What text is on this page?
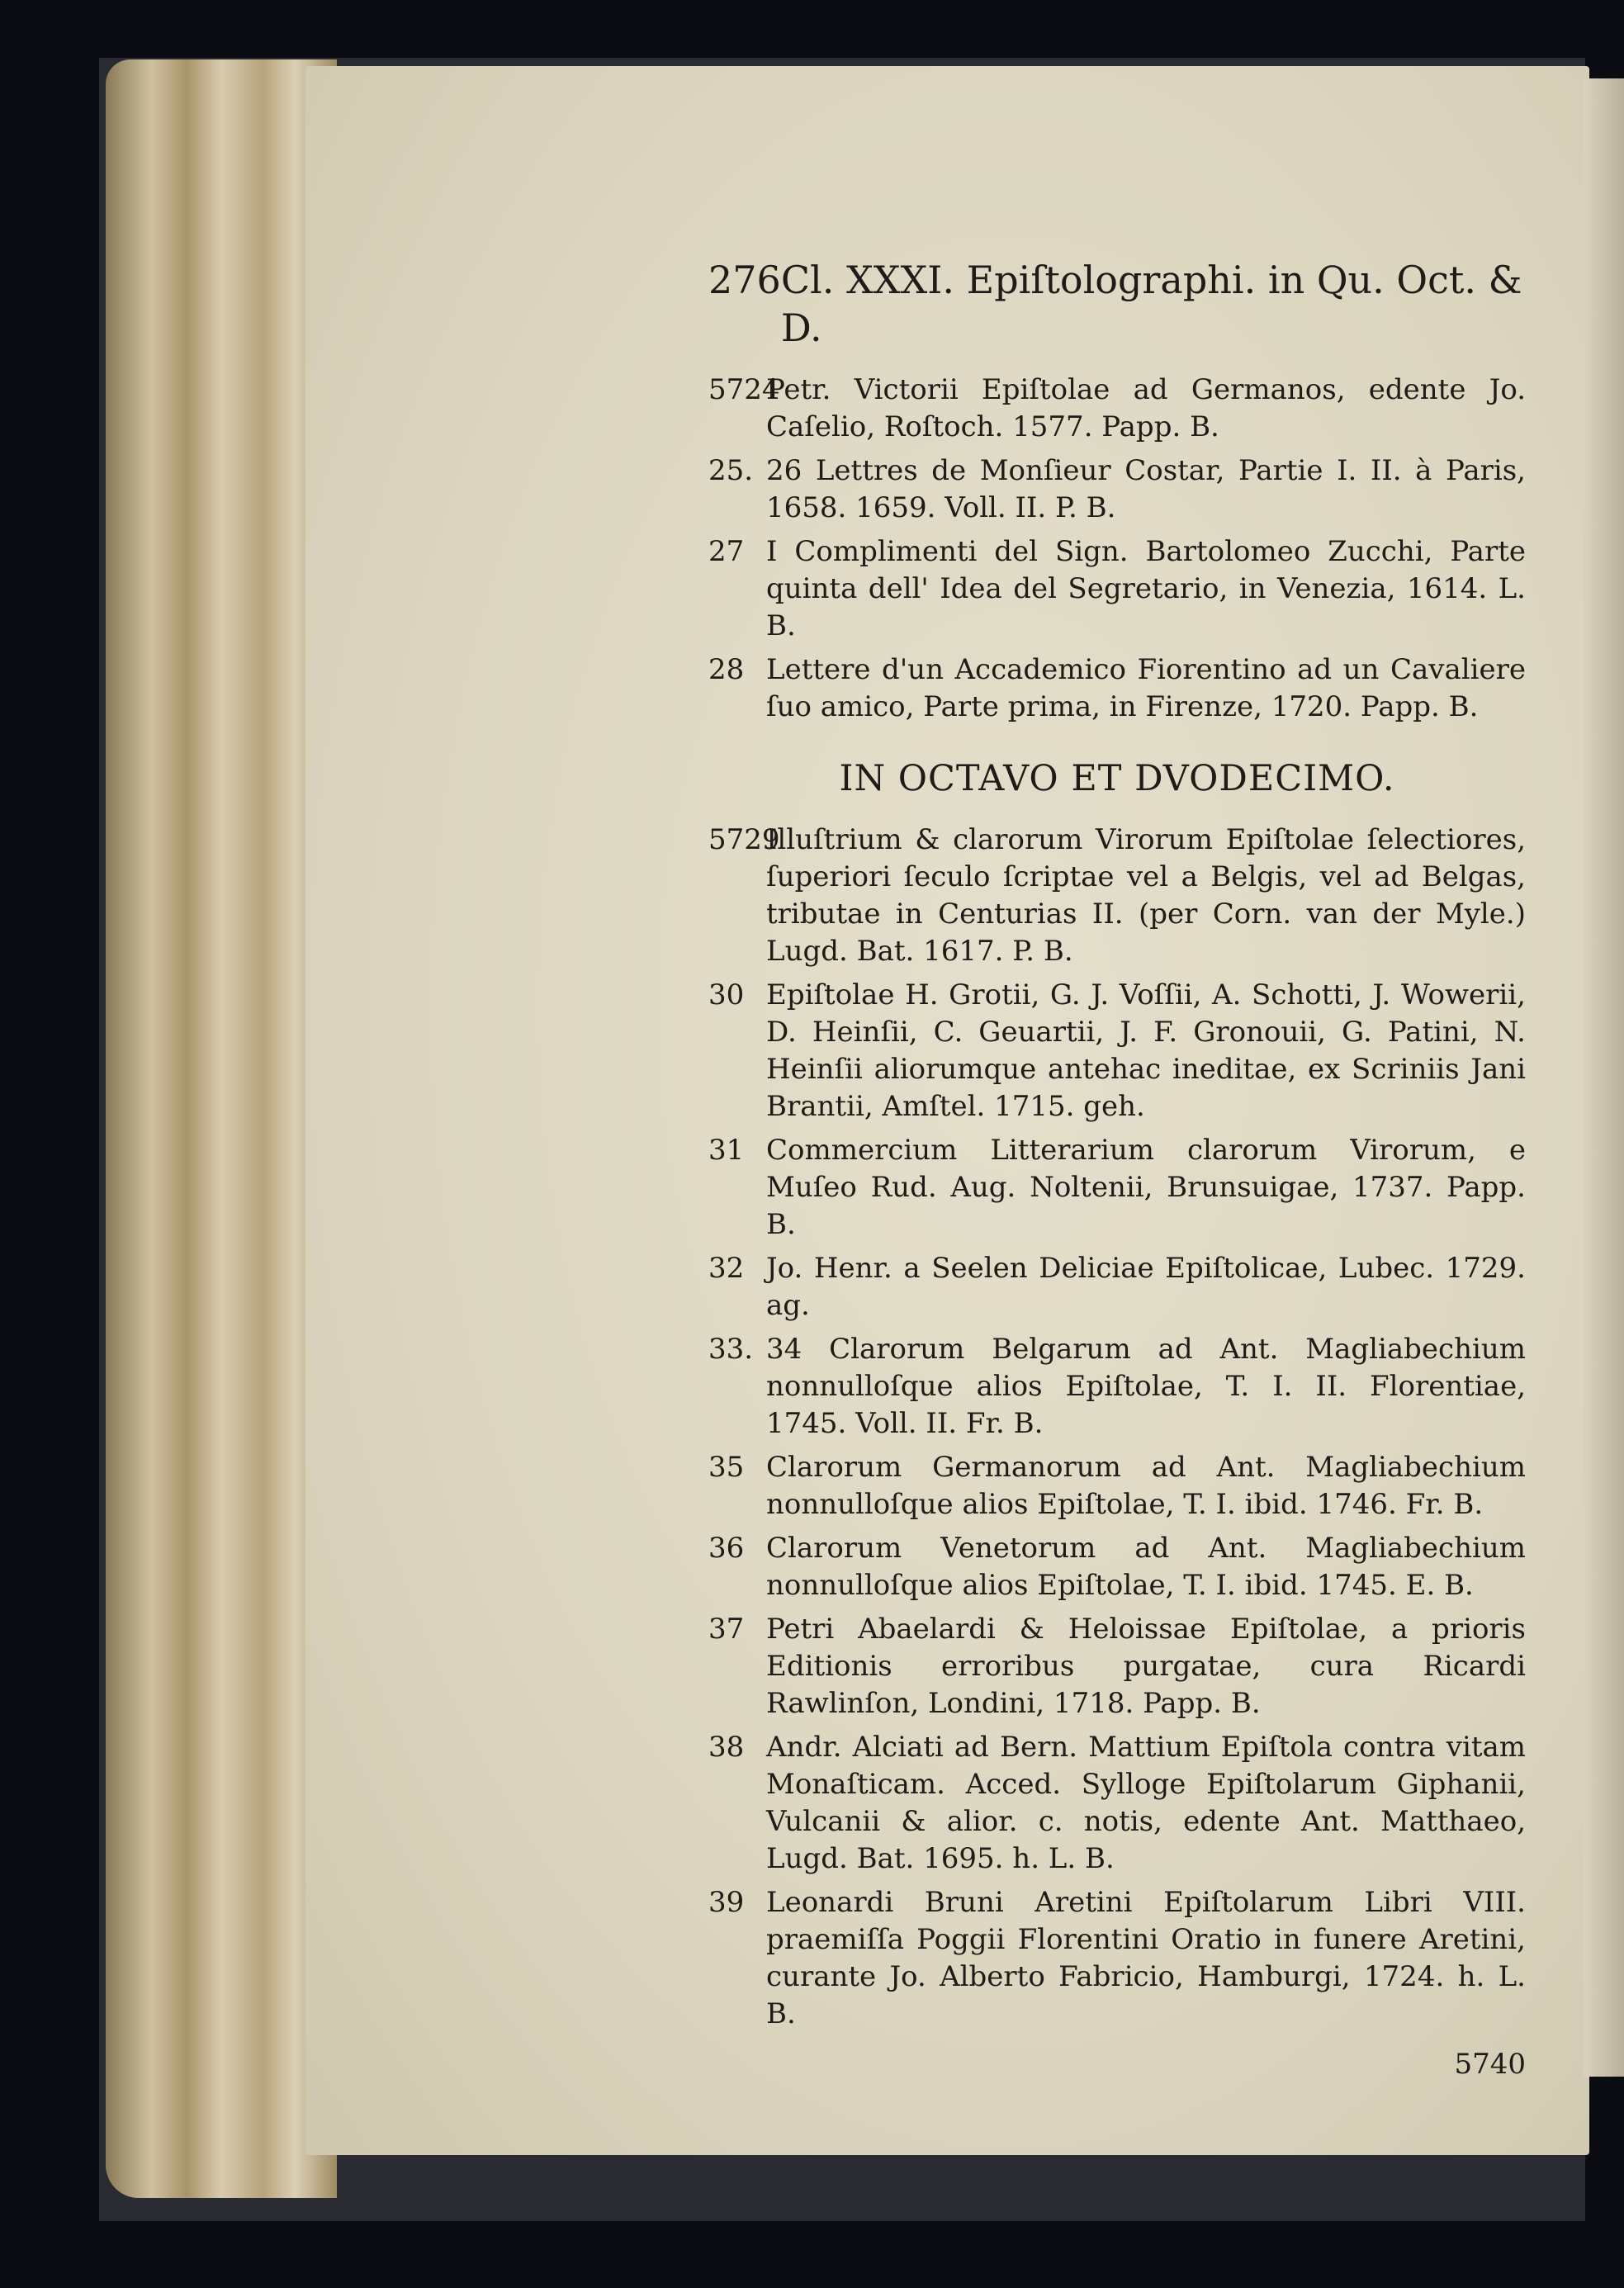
276 Cl. XXXI. Epiſtolographi. in Qu. Oct. & D.
5724
Petr. Victorii Epiſtolae ad Germanos, edente Jo. Caſelio, Roſtoch. 1577. Papp. B.
25. 26 Lettres de Monſieur Costar, Partie I. II. à Paris, 1658. 1659. Voll. II. P. B.
27 I Complimenti del Sign. Bartolomeo Zucchi, Parte quinta dell' Idea del Segretario, in Venezia, 1614. L. B.
28 Lettere d'un Accademico Fiorentino ad un Cavaliere ſuo amico, Parte prima, in Firenze, 1720. Papp. B.
IN OCTAVO ET DVODECIMO.
5729
Illuſtrium & clarorum Virorum Epiſtolae ſelectiores, ſuperiori ſeculo ſcriptae vel a Belgis, vel ad Belgas, tributae in Centurias II. (per Corn. van der Myle.) Lugd. Bat. 1617. P. B.
30 Epiſtolae H. Grotii, G. J. Voſſii, A. Schotti, J. Wowerii, D. Heinſii, C. Geuartii, J. F. Gronouii, G. Patini, N. Heinſii aliorumque antehac ineditae, ex Scriniis Jani Brantii, Amſtel. 1715. geh.
31 Commercium Litterarium clarorum Virorum, e Muſeo Rud. Aug. Noltenii, Brunsuigae, 1737. Papp. B.
32 Jo. Henr. a Seelen Deliciae Epiſtolicae, Lubec. 1729. ag.
33. 34 Clarorum Belgarum ad Ant. Magliabechium nonnulloſque alios Epiſtolae, T. I. II. Florentiae, 1745. Voll. II. Fr. B.
35 Clarorum Germanorum ad Ant. Magliabechium nonnulloſque alios Epiſtolae, T. I. ibid. 1746. Fr. B.
36 Clarorum Venetorum ad Ant. Magliabechium nonnulloſque alios Epiſtolae, T. I. ibid. 1745. E. B.
37 Petri Abaelardi & Heloissae Epiſtolae, a prioris Editionis erroribus purgatae, cura Ricardi Rawlinſon, Londini, 1718. Papp. B.
38 Andr. Alciati ad Bern. Mattium Epiſtola contra vitam Monaſticam. Acced. Sylloge Epiſtolarum Giphanii, Vulcanii & alior. c. notis, edente Ant. Matthaeo, Lugd. Bat. 1695. h. L. B.
39 Leonardi Bruni Aretini Epiſtolarum Libri VIII. praemiſſa Poggii Florentini Oratio in funere Aretini, curante Jo. Alberto Fabricio, Hamburgi, 1724. h. L. B.
5740
